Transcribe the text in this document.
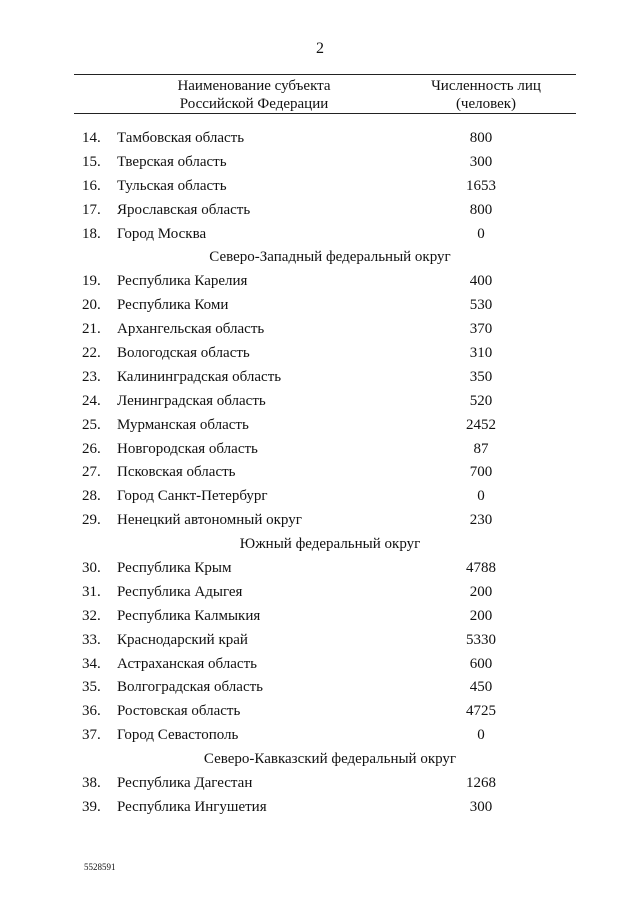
2
Наименование субъекта
Российской Федерации
Численность лиц
(человек)
14. Тамбовская область	800
15. Тверская область	300
16. Тульская область	1653
17. Ярославская область	800
18. Город Москва	0
Северо-Западный федеральный округ
19. Республика Карелия	400
20. Республика Коми	530
21. Архангельская область	370
22. Вологодская область	310
23. Калининградская область	350
24. Ленинградская область	520
25. Мурманская область	2452
26. Новгородская область	87
27. Псковская область	700
28. Город Санкт-Петербург	0
29. Ненецкий автономный округ	230
Южный федеральный округ
30. Республика Крым	4788
31. Республика Адыгея	200
32. Республика Калмыкия	200
33. Краснодарский край	5330
34. Астраханская область	600
35. Волгоградская область	450
36. Ростовская область	4725
37. Город Севастополь	0
Северо-Кавказский федеральный округ
38. Республика Дагестан	1268
39. Республика Ингушетия	300
5528591
